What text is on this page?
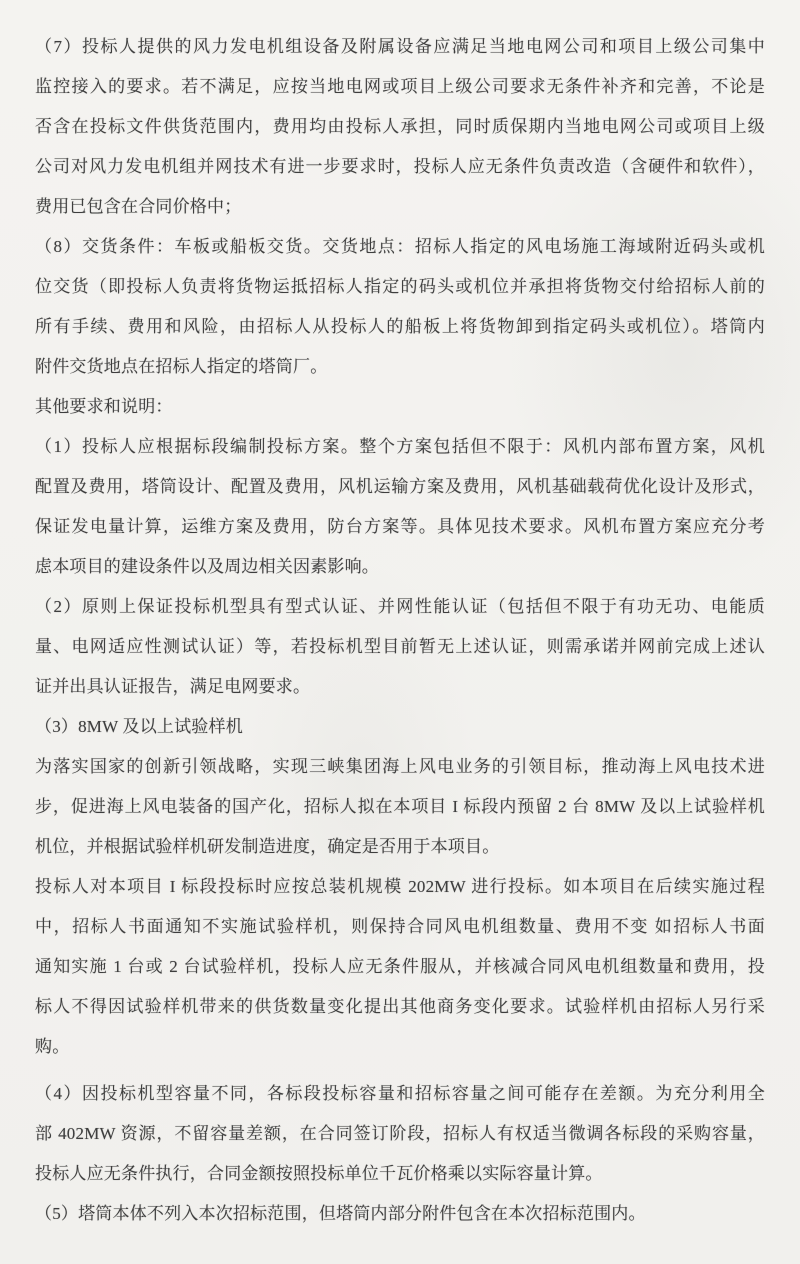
（7）投标人提供的风力发电机组设备及附属设备应满足当地电网公司和项目上级公司集中
监控接入的要求。若不满足，应按当地电网或项目上级公司要求无条件补齐和完善，不论是
否含在投标文件供货范围内，费用均由投标人承担，同时质保期内当地电网公司或项目上级
公司对风力发电机组并网技术有进一步要求时，投标人应无条件负责改造（含硬件和软件），
费用已包含在合同价格中；
（8）交货条件：车板或船板交货。交货地点：招标人指定的风电场施工海域附近码头或机
位交货（即投标人负责将货物运抵招标人指定的码头或机位并承担将货物交付给招标人前的
所有手续、费用和风险，由招标人从投标人的船板上将货物卸到指定码头或机位）。塔筒内
附件交货地点在招标人指定的塔筒厂。
其他要求和说明：
（1）投标人应根据标段编制投标方案。整个方案包括但不限于：风机内部布置方案，风机
配置及费用，塔筒设计、配置及费用，风机运输方案及费用，风机基础载荷优化设计及形式，
保证发电量计算，运维方案及费用，防台方案等。具体见技术要求。风机布置方案应充分考
虑本项目的建设条件以及周边相关因素影响。
（2）原则上保证投标机型具有型式认证、并网性能认证（包括但不限于有功无功、电能质
量、电网适应性测试认证）等，若投标机型目前暂无上述认证，则需承诺并网前完成上述认
证并出具认证报告，满足电网要求。
（3）8MW 及以上试验样机
为落实国家的创新引领战略，实现三峡集团海上风电业务的引领目标，推动海上风电技术进
步，促进海上风电装备的国产化，招标人拟在本项目 I 标段内预留 2 台 8MW 及以上试验样机
机位，并根据试验样机研发制造进度，确定是否用于本项目。
投标人对本项目 I 标段投标时应按总装机规模 202MW 进行投标。如本项目在后续实施过程
中，招标人书面通知不实施试验样机，则保持合同风电机组数量、费用不变 如招标人书面
通知实施 1 台或 2 台试验样机，投标人应无条件服从，并核减合同风电机组数量和费用，投
标人不得因试验样机带来的供货数量变化提出其他商务变化要求。试验样机由招标人另行采
购。
（4）因投标机型容量不同，各标段投标容量和招标容量之间可能存在差额。为充分利用全
部 402MW 资源，不留容量差额，在合同签订阶段，招标人有权适当微调各标段的采购容量，
投标人应无条件执行，合同金额按照投标单位千瓦价格乘以实际容量计算。
（5）塔筒本体不列入本次招标范围，但塔筒内部分附件包含在本次招标范围内。
